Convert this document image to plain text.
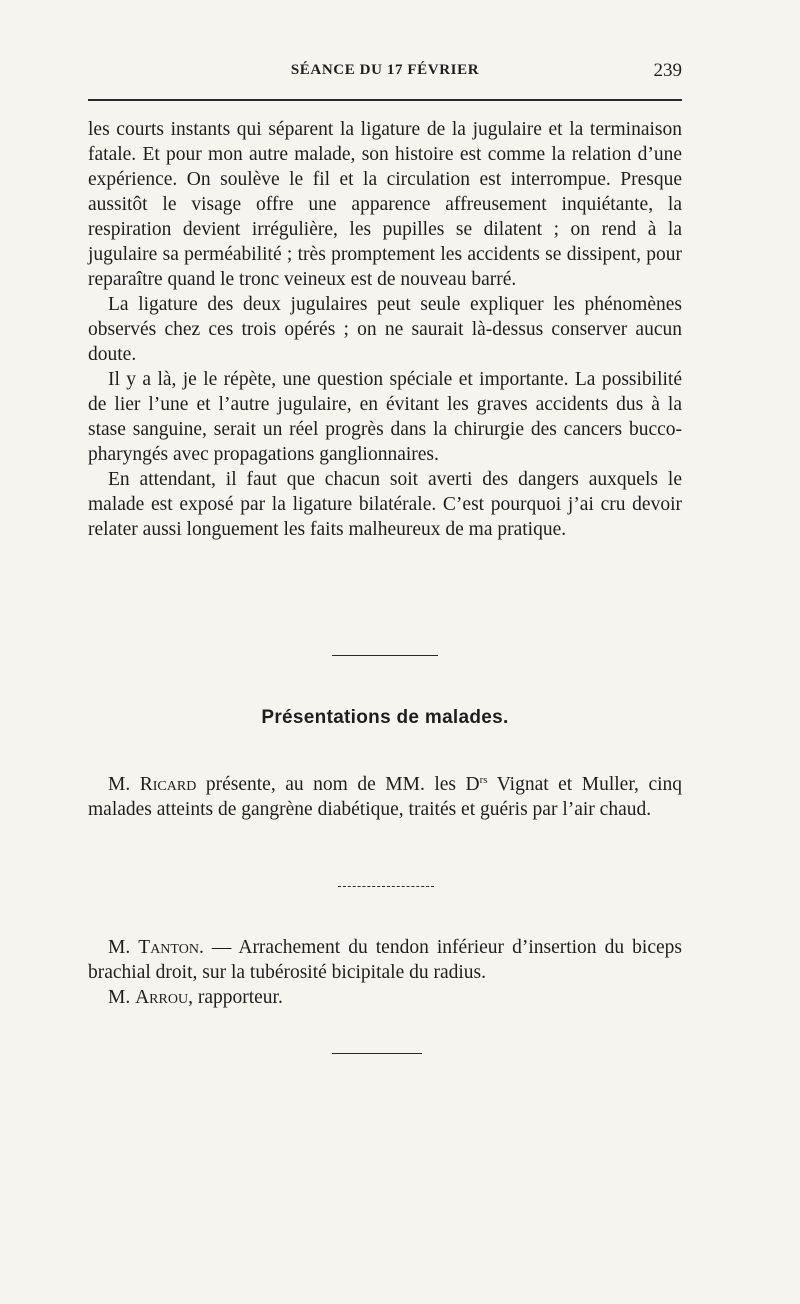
SÉANCE DU 17 FÉVRIER	239

les courts instants qui séparent la ligature de la jugulaire et la terminaison fatale. Et pour mon autre malade, son histoire est comme la relation d’une expérience. On soulève le fil et la circulation est interrompue. Presque aussitôt le visage offre une apparence affreusement inquiétante, la respiration devient irrégulière, les pupilles se dilatent ; on rend à la jugulaire sa perméabilité ; très promptement les accidents se dissipent, pour reparaître quand le tronc veineux est de nouveau barré.

La ligature des deux jugulaires peut seule expliquer les phénomènes observés chez ces trois opérés ; on ne saurait là-dessus conserver aucun doute.

Il y a là, je le répète, une question spéciale et importante. La possibilité de lier l’une et l’autre jugulaire, en évitant les graves accidents dus à la stase sanguine, serait un réel progrès dans la chirurgie des cancers bucco-pharyngés avec propagations ganglionnaires.

En attendant, il faut que chacun soit averti des dangers auxquels le malade est exposé par la ligature bilatérale. C’est pourquoi j’ai cru devoir relater aussi longuement les faits malheureux de ma pratique.

Présentations de malades.

M. Ricard présente, au nom de MM. les $D^{rs}$ Vignat et Muller, cinq malades atteints de gangrène diabétique, traités et guéris par l’air chaud.

M. Tanton. — Arrachement du tendon inférieur d’insertion du biceps brachial droit, sur la tubérosité bicipitale du radius.

M. Arrou, rapporteur.
